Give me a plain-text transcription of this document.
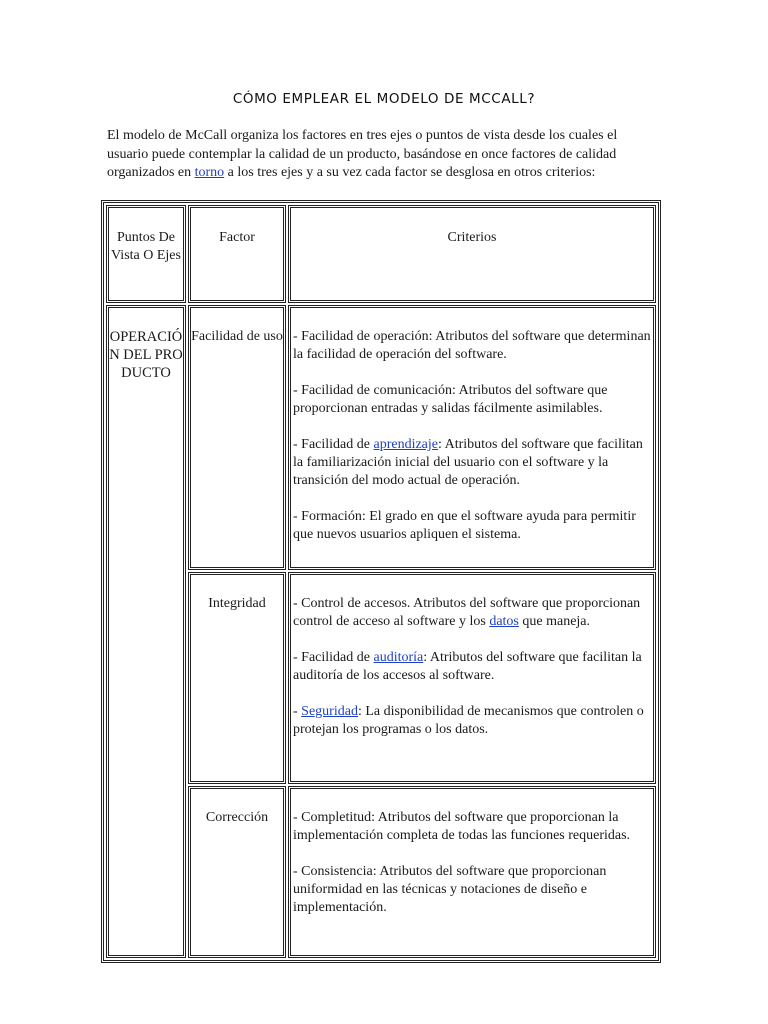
CÓMO EMPLEAR EL MODELO DE MCCALL?

El modelo de McCall organiza los factores en tres ejes o puntos de vista desde los cuales el usuario puede contemplar la calidad de un producto, basándose en once factores de calidad organizados en torno a los tres ejes y a su vez cada factor se desglosa en otros criterios:

Puntos De Vista O Ejes	Factor	Criterios
OPERACIÓN DEL PRODUCTO	Facilidad de uso	- Facilidad de operación: Atributos del software que determinan la facilidad de operación del software.

- Facilidad de comunicación: Atributos del software que proporcionan entradas y salidas fácilmente asimilables.

- Facilidad de aprendizaje: Atributos del software que facilitan la familiarización inicial del usuario con el software y la transición del modo actual de operación.

- Formación: El grado en que el software ayuda para permitir que nuevos usuarios apliquen el sistema.

	Integridad	- Control de accesos. Atributos del software que proporcionan control de acceso al software y los datos que maneja.

- Facilidad de auditoría: Atributos del software que facilitan la auditoría de los accesos al software.

- Seguridad: La disponibilidad de mecanismos que controlen o protejan los programas o los datos.

	Corrección	- Completitud: Atributos del software que proporcionan la implementación completa de todas las funciones requeridas.

- Consistencia: Atributos del software que proporcionan uniformidad en las técnicas y notaciones de diseño e implementación.
